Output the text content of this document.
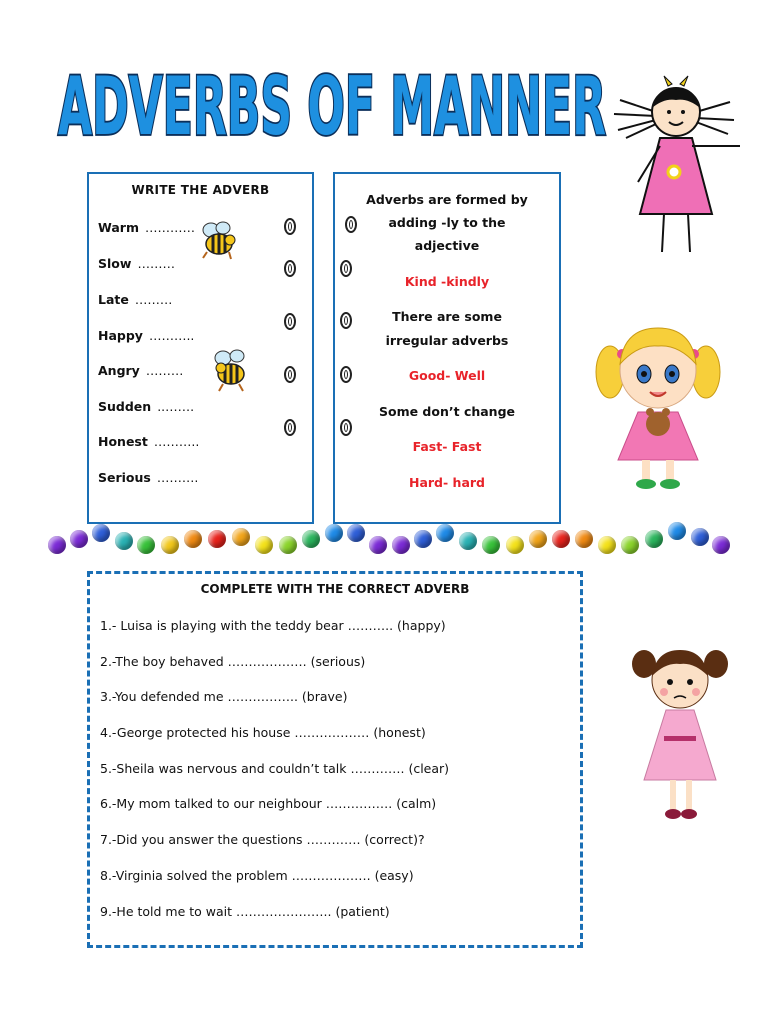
ADVERBS OF MANNER
WRITE THE ADVERB
Warm …………
Slow ………
Late ………
Happy ………..
Angry ………
Sudden ..…….
Honest ………..
Serious ……….
Adverbs are formed by
adding -ly to the
adjective
Kind -kindly
There are some
irregular adverbs
Good- Well
Some don’t change
Fast- Fast
Hard- hard
COMPLETE WITH THE CORRECT ADVERB
1.- Luisa is playing with the teddy bear ……….. (happy)
2.-The boy behaved ………………. (serious)
3.-You defended me …………….. (brave)
4.-George protected his house ……………… (honest)
5.-Sheila was nervous and couldn’t talk …………. (clear)
6.-My mom talked to our neighbour ……………. (calm)
7.-Did you answer the questions …………. (correct)?
8.-Virginia solved the problem ………………. (easy)
9.-He told me to wait ………………….. (patient)
